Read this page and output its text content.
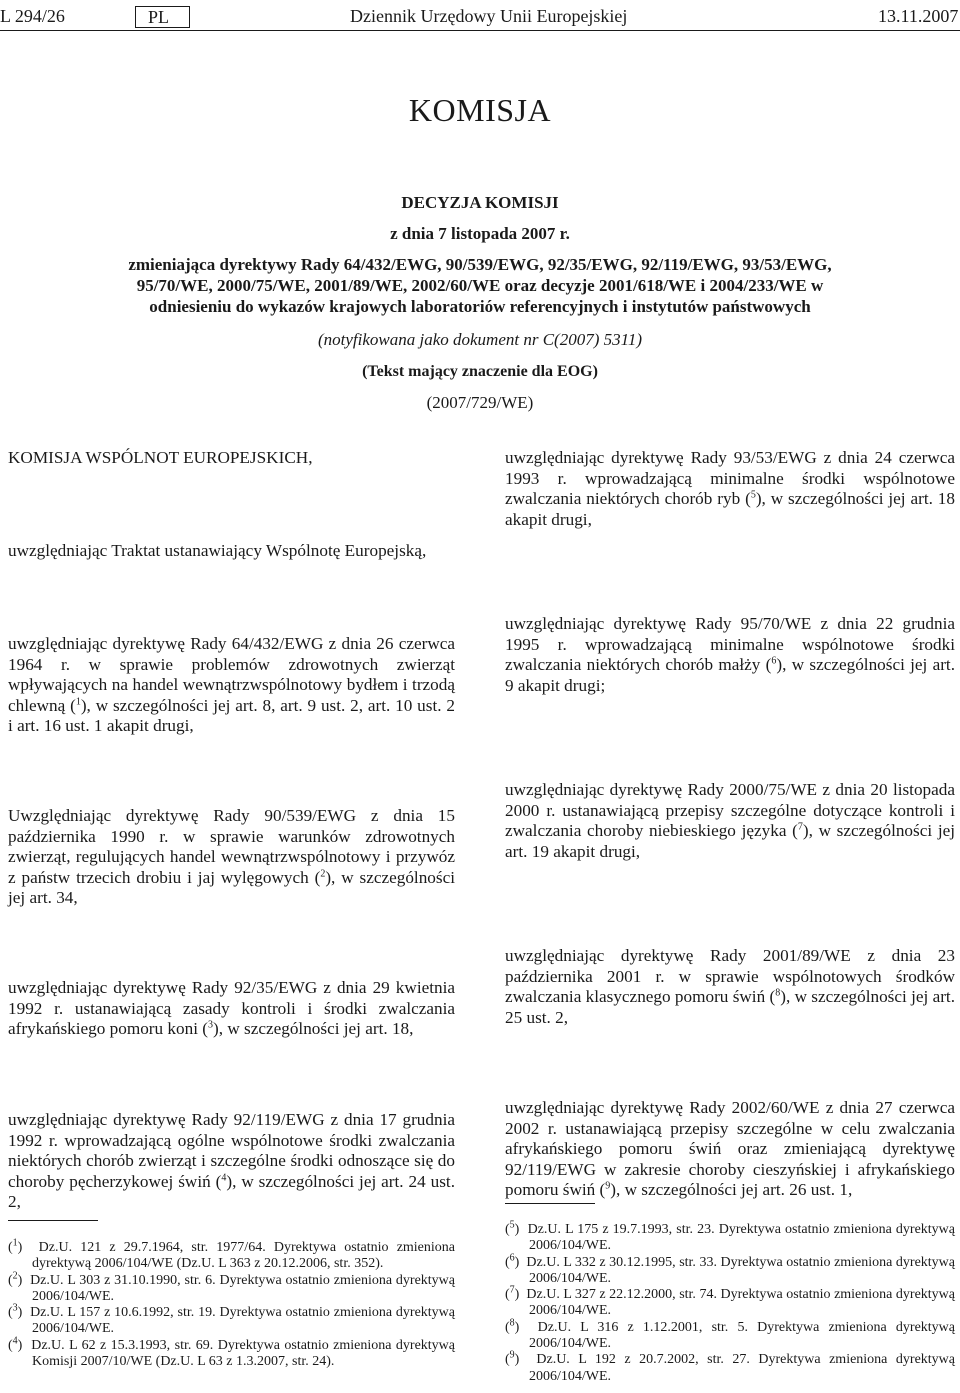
L 294/26	PL	Dziennik Urzędowy Unii Europejskiej	13.11.2007
KOMISJA
DECYZJA KOMISJI
z dnia 7 listopada 2007 r.
zmieniająca dyrektywy Rady 64/432/EWG, 90/539/EWG, 92/35/EWG, 92/119/EWG, 93/53/EWG, 95/70/WE, 2000/75/WE, 2001/89/WE, 2002/60/WE oraz decyzje 2001/618/WE i 2004/233/WE w odniesieniu do wykazów krajowych laboratoriów referencyjnych i instytutów państwowych
(notyfikowana jako dokument nr C(2007) 5311)
(Tekst mający znaczenie dla EOG)
(2007/729/WE)

KOMISJA WSPÓLNOT EUROPEJSKICH,

uwzględniając Traktat ustanawiający Wspólnotę Europejską,

uwzględniając dyrektywę Rady 64/432/EWG z dnia 26 czerwca 1964 r. w sprawie problemów zdrowotnych zwierząt wpływających na handel wewnątrzwspólnotowy bydłem i trzodą chlewną ($^1$), w szczególności jej art. 8, art. 9 ust. 2, art. 10 ust. 2 i art. 16 ust. 1 akapit drugi,

Uwzględniając dyrektywę Rady 90/539/EWG z dnia 15 października 1990 r. w sprawie warunków zdrowotnych zwierząt, regulujących handel wewnątrzwspólnotowy i przywóz z państw trzecich drobiu i jaj wylęgowych ($^2$), w szczególności jej art. 34,

uwzględniając dyrektywę Rady 92/35/EWG z dnia 29 kwietnia 1992 r. ustanawiającą zasady kontroli i środki zwalczania afrykańskiego pomoru koni ($^3$), w szczególności jej art. 18,

uwzględniając dyrektywę Rady 92/119/EWG z dnia 17 grudnia 1992 r. wprowadzającą ogólne wspólnotowe środki zwalczania niektórych chorób zwierząt i szczególne środki odnoszące się do choroby pęcherzykowej świń ($^4$), w szczególności jej art. 24 ust. 2,

uwzględniając dyrektywę Rady 93/53/EWG z dnia 24 czerwca 1993 r. wprowadzającą minimalne środki wspólnotowe zwalczania niektórych chorób ryb ($^5$), w szczególności jej art. 18 akapit drugi,

uwzględniając dyrektywę Rady 95/70/WE z dnia 22 grudnia 1995 r. wprowadzającą minimalne wspólnotowe środki zwalczania niektórych chorób małży ($^6$), w szczególności jej art. 9 akapit drugi;

uwzględniając dyrektywę Rady 2000/75/WE z dnia 20 listopada 2000 r. ustanawiającą przepisy szczególne dotyczące kontroli i zwalczania choroby niebieskiego języka ($^7$), w szczególności jej art. 19 akapit drugi,

uwzględniając dyrektywę Rady 2001/89/WE z dnia 23 października 2001 r. w sprawie wspólnotowych środków zwalczania klasycznego pomoru świń ($^8$), w szczególności jej art. 25 ust. 2,

uwzględniając dyrektywę Rady 2002/60/WE z dnia 27 czerwca 2002 r. ustanawiającą przepisy szczególne w celu zwalczania afrykańskiego pomoru świń oraz zmieniającą dyrektywę 92/119/EWG w zakresie choroby cieszyńskiej i afrykańskiego pomoru świń ($^9$), w szczególności jej art. 26 ust. 1,

($^1$)  Dz.U. 121 z 29.7.1964, str. 1977/64. Dyrektywa ostatnio zmieniona dyrektywą 2006/104/WE (Dz.U. L 363 z 20.12.2006, str. 352).

($^2$)  Dz.U. L 303 z 31.10.1990, str. 6. Dyrektywa ostatnio zmieniona dyrektywą 2006/104/WE.

($^3$)  Dz.U. L 157 z 10.6.1992, str. 19. Dyrektywa ostatnio zmieniona dyrektywą 2006/104/WE.

($^4$)  Dz.U. L 62 z 15.3.1993, str. 69. Dyrektywa ostatnio zmieniona dyrektywą Komisji 2007/10/WE (Dz.U. L 63 z 1.3.2007, str. 24).

($^5$)  Dz.U. L 175 z 19.7.1993, str. 23. Dyrektywa ostatnio zmieniona dyrektywą 2006/104/WE.

($^6$)  Dz.U. L 332 z 30.12.1995, str. 33. Dyrektywa ostatnio zmieniona dyrektywą 2006/104/WE.

($^7$)  Dz.U. L 327 z 22.12.2000, str. 74. Dyrektywa ostatnio zmieniona dyrektywą 2006/104/WE.

($^8$)  Dz.U. L 316 z 1.12.2001, str. 5. Dyrektywa zmieniona dyrektywą 2006/104/WE.

($^9$)  Dz.U. L 192 z 20.7.2002, str. 27. Dyrektywa zmieniona dyrektywą 2006/104/WE.
